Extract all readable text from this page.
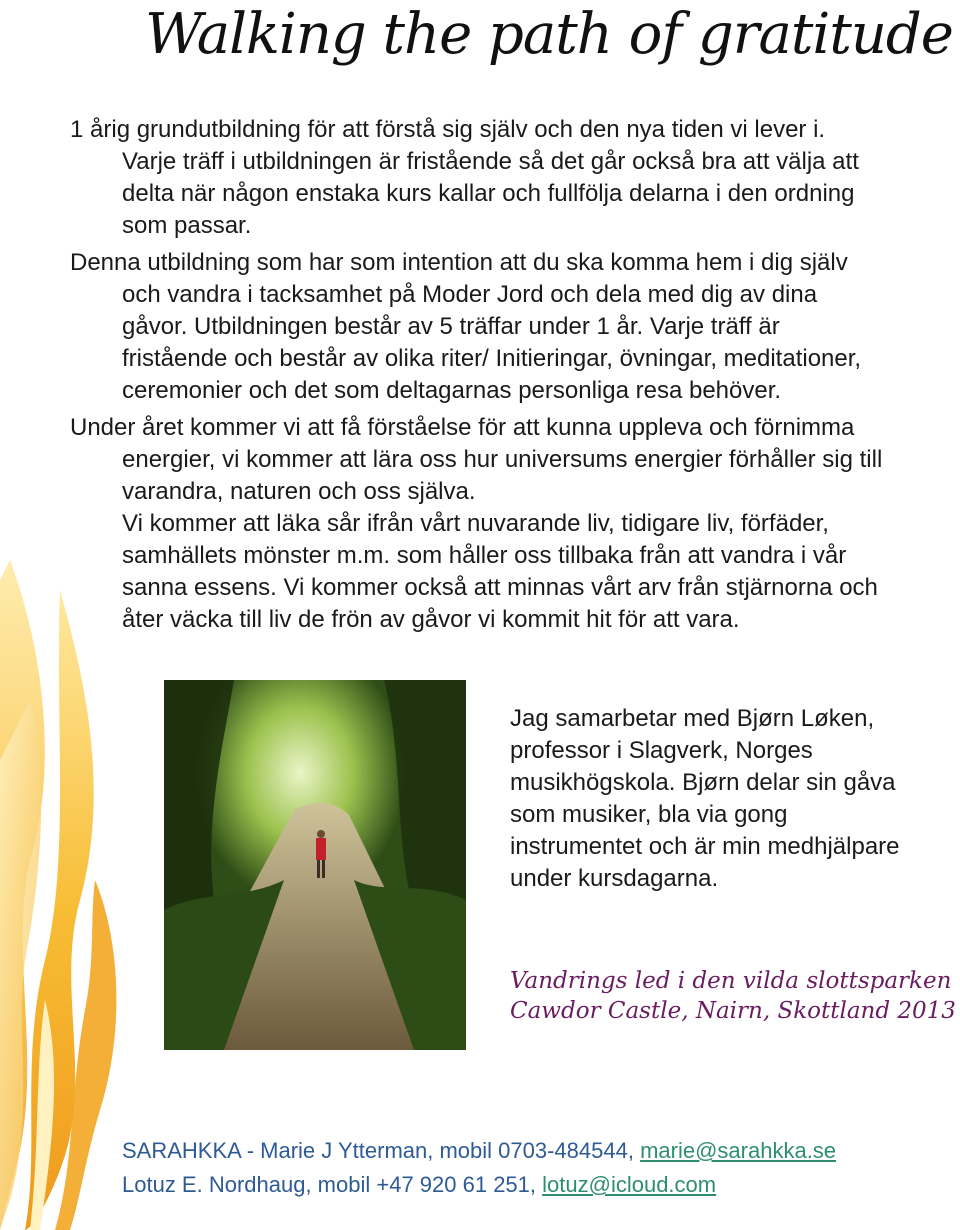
Walking the path of gratitude

1 årig grundutbildning för att förstå sig själv och den nya tiden vi lever i.
Varje träff i utbildningen är fristående så det går också bra att välja att
delta när någon enstaka kurs kallar och fullfölja delarna i den ordning
som passar.

Denna utbildning som har som intention att du ska komma hem i dig själv
och vandra i tacksamhet på Moder Jord och dela med dig av dina
gåvor. Utbildningen består av 5 träffar under 1 år. Varje träff är
fristående och består av olika riter/ Initieringar, övningar, meditationer,
ceremonier och det som deltagarnas personliga resa behöver.

Under året kommer vi att få förståelse för att kunna uppleva och förnimma
energier, vi kommer att lära oss hur universums energier förhåller sig till
varandra, naturen och oss själva.
Vi kommer att läka sår ifrån vårt nuvarande liv, tidigare liv, förfäder,
samhällets mönster m.m. som håller oss tillbaka från att vandra i vår
sanna essens. Vi kommer också att minnas vårt arv från stjärnorna och
åter väcka till liv de frön av gåvor vi kommit hit för att vara.

Jag samarbetar med Bjørn Løken,
professor i Slagverk, Norges
musikhögskola. Bjørn delar sin gåva
som musiker, bla via gong
instrumentet och är min medhjälpare
under kursdagarna.
Vandrings led i den vilda slottsparken
Cawdor Castle, Nairn, Skottland 2013
SARAHKKA - Marie J Ytterman, mobil 0703-484544, marie@sarahkka.se
Lotuz E. Nordhaug, mobil +47 920 61 251, lotuz@icloud.com
